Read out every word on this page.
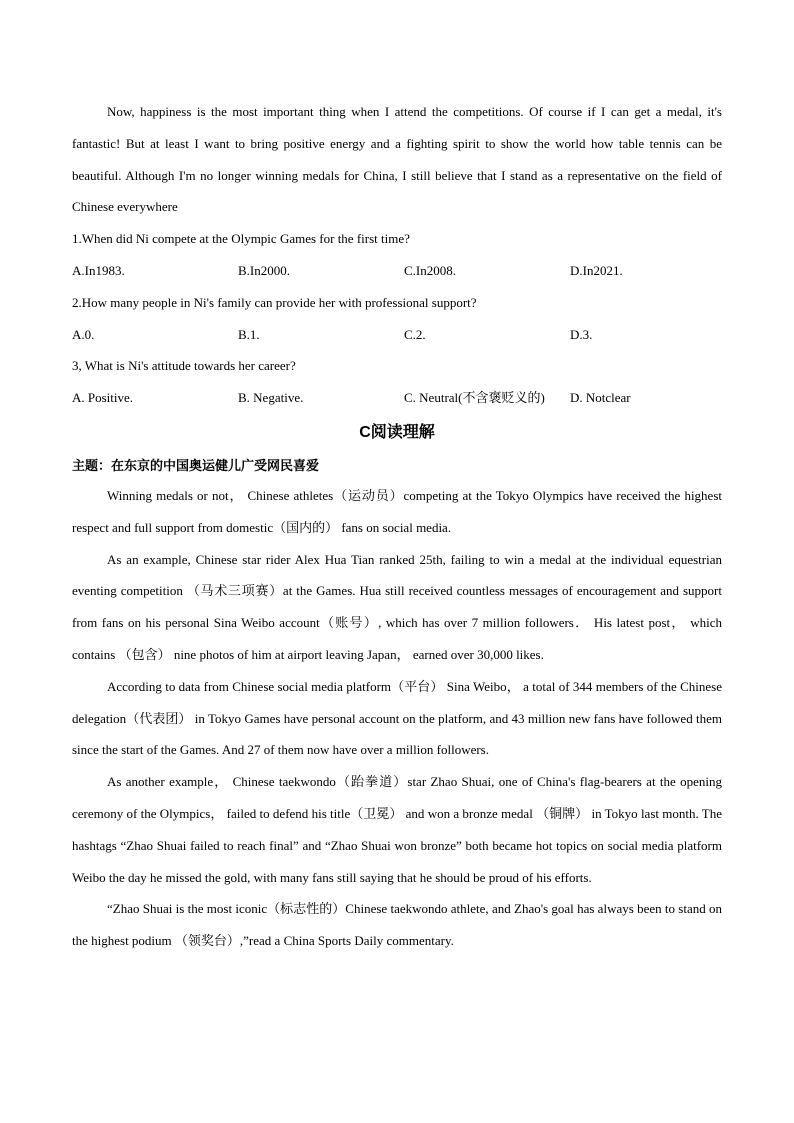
Now, happiness is the most important thing when I attend the competitions. Of course if I can get a medal, it's fantastic! But at least I want to bring positive energy and a fighting spirit to show the world how table tennis can be beautiful. Although I'm no longer winning medals for China, I still believe that I stand as a representative on the field of Chinese everywhere

1.When did Ni compete at the Olympic Games for the first time?

A.In1983.	B.In2000.	C.In2008.	D.In2021.

2.How many people in Ni's family can provide her with professional support?

A.0.	B.1.	C.2.	D.3.

3, What is Ni's attitude towards her career?

A. Positive.	B. Negative.	C. Neutral(不含褒贬义的)	D. Notclear

C阅读理解

主题：在东京的中国奥运健儿广受网民喜爱

Winning medals or not， Chinese athletes（运动员）competing at the Tokyo Olympics have received the highest respect and full support from domestic（国内的） fans on social media.

As an example, Chinese star rider Alex Hua Tian ranked 25th, failing to win a medal at the individual equestrian eventing competition （马术三项赛）at the Games. Hua still received countless messages of encouragement and support from fans on his personal Sina Weibo account（账号）, which has over 7 million followers． His latest post， which contains （包含） nine photos of him at airport leaving Japan， earned over 30,000 likes.

According to data from Chinese social media platform（平台） Sina Weibo， a total of 344 members of the Chinese delegation（代表团） in Tokyo Games have personal account on the platform, and 43 million new fans have followed them since the start of the Games. And 27 of them now have over a million followers.

As another example， Chinese taekwondo（跆拳道）star Zhao Shuai, one of China's flag-bearers at the opening ceremony of the Olympics， failed to defend his title（卫冕） and won a bronze medal （铜牌） in Tokyo last month. The hashtags “Zhao Shuai failed to reach final” and “Zhao Shuai won bronze” both became hot topics on social media platform Weibo the day he missed the gold, with many fans still saying that he should be proud of his efforts.

“Zhao Shuai is the most iconic（标志性的）Chinese taekwondo athlete, and Zhao's goal has always been to stand on the highest podium （领奖台）,”read a China Sports Daily commentary.
